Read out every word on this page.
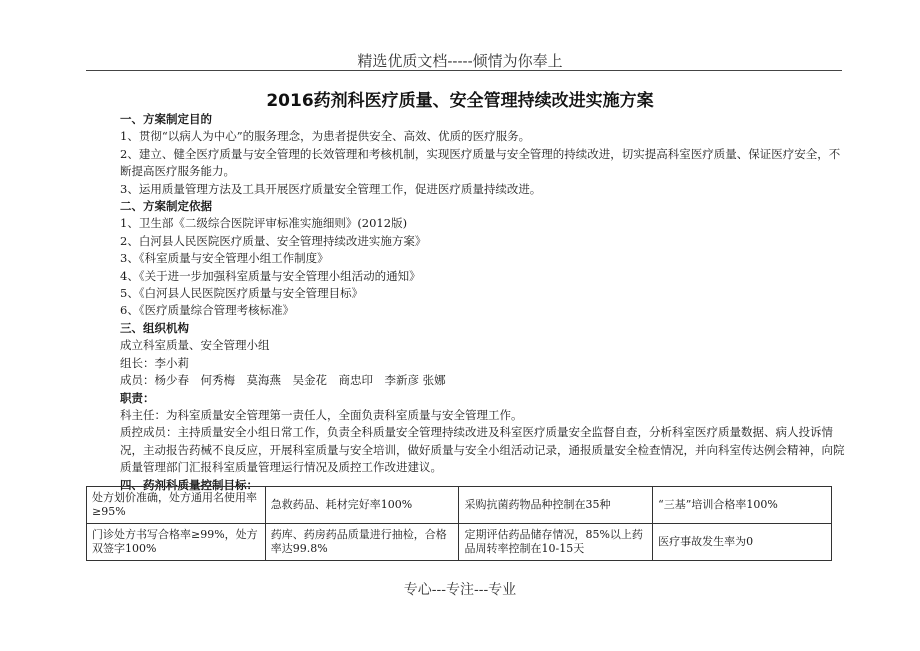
精选优质文档-----倾情为你奉上
2016药剂科医疗质量、安全管理持续改进实施方案
一、方案制定目的
1、贯彻“以病人为中心”的服务理念，为患者提供安全、高效、优质的医疗服务。
2、建立、健全医疗质量与安全管理的长效管理和考核机制，实现医疗质量与安全管理的持续改进，切实提高科室医疗质量、保证医疗安全，不断提高医疗服务能力。
3、运用质量管理方法及工具开展医疗质量安全管理工作，促进医疗质量持续改进。
二、方案制定依据
1、卫生部《二级综合医院评审标准实施细则》(2012版)
2、白河县人民医院医疗质量、安全管理持续改进实施方案》
3、《科室质量与安全管理小组工作制度》
4、《关于进一步加强科室质量与安全管理小组活动的通知》
5、《白河县人民医院医疗质量与安全管理目标》
6、《医疗质量综合管理考核标准》
三、组织机构
成立科室质量、安全管理小组
组长：李小莉
成员：杨少春　何秀梅　莫海燕　吴金花　商忠印　李新彦 张娜
职责：
科主任：为科室质量安全管理第一责任人，全面负责科室质量与安全管理工作。
质控成员：主持质量安全小组日常工作，负责全科质量安全管理持续改进及科室医疗质量安全监督自查，分析科室医疗质量数据、病人投诉情况，主动报告药械不良反应，开展科室质量与安全培训，做好质量与安全小组活动记录，通报质量安全检查情况，并向科室传达例会精神，向院质量管理部门汇报科室质量管理运行情况及质控工作改进建议。
四、药剂科质量控制目标：
处方划价准确，处方通用名使用率≥95%	急救药品、耗材完好率100%	采购抗菌药物品种控制在35种	“三基”培训合格率100%
门诊处方书写合格率≥99%，处方双签字100%	药库、药房药品质量进行抽检，合格率达99.8%	定期评估药品储存情况，85%以上药品周转率控制在10-15天	医疗事故发生率为0
专心---专注---专业
